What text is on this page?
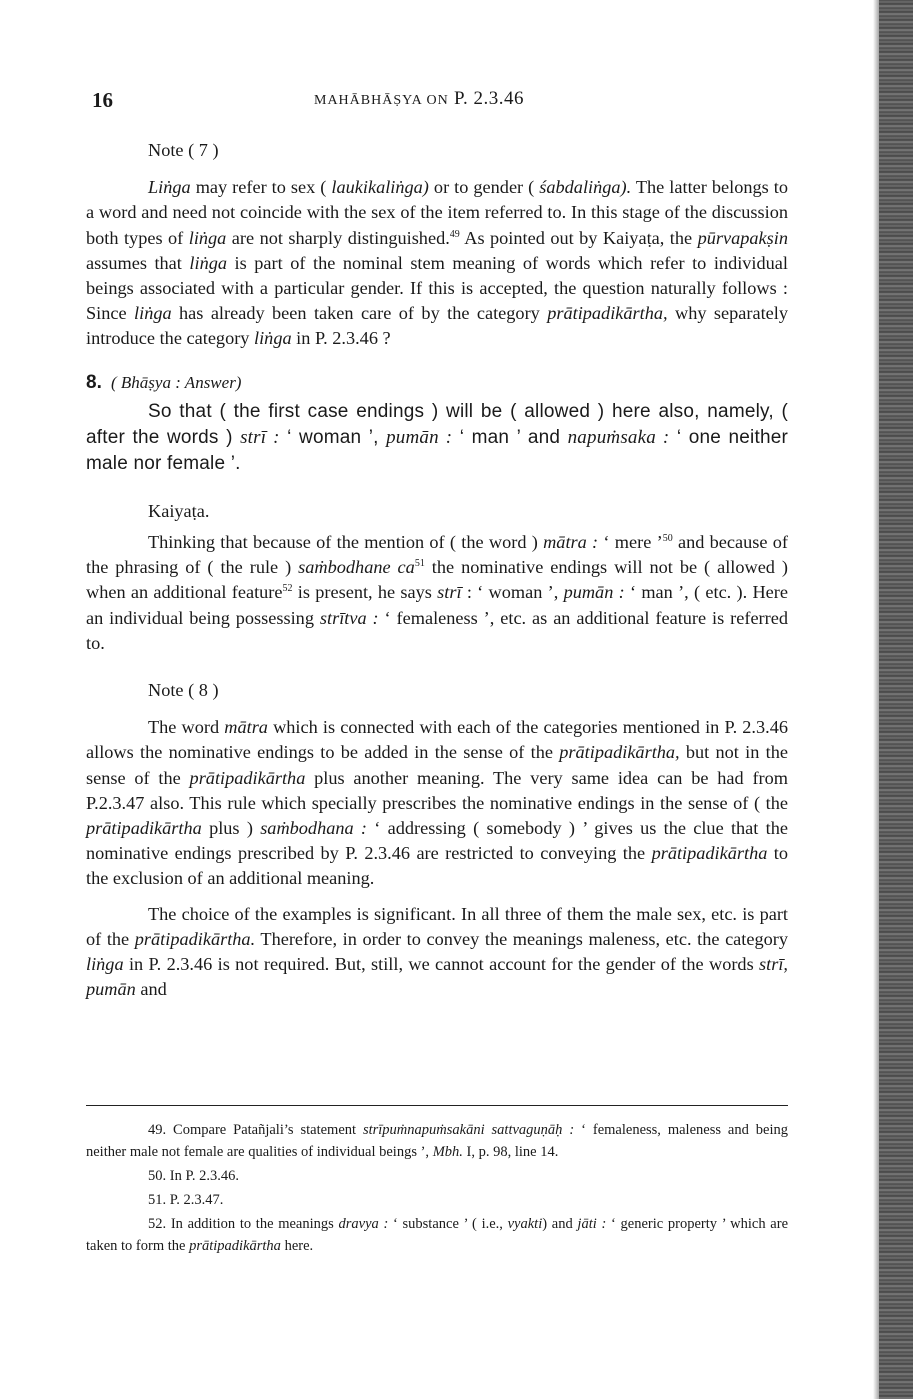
16	MAHĀBHĀṢYA ON P. 2.3.46

Note ( 7 )

Liṅga may refer to sex ( laukikaliṅga) or to gender ( śabdaliṅga). The latter belongs to a word and need not coincide with the sex of the item referred to. In this stage of the discussion both types of liṅga are not sharply distinguished.$^{49}$ As pointed out by Kaiyaṭa, the pūrvapakṣin assumes that liṅga is part of the nominal stem meaning of words which refer to individual beings associated with a particular gender. If this is accepted, the question naturally follows : Since liṅga has already been taken care of by the category prātipadikārtha, why separately introduce the category liṅga in P. 2.3.46 ?

8. ( Bhāṣya : Answer)

So that ( the first case endings ) will be ( allowed ) here also, namely, ( after the words ) strī : ‘ woman ’, pumān : ‘ man ’ and napuṁsaka : ‘ one neither male nor female ’.

Kaiyaṭa.

Thinking that because of the mention of ( the word ) mātra : ‘ mere ’$^{50}$ and because of the phrasing of ( the rule ) saṁbodhane $ca^{51}$ the nominative endings will not be ( allowed ) when an additional feature$^{52}$ is present, he says strī : ‘ woman ’, pumān : ‘ man ’, ( etc. ). Here an individual being possessing strītva : ‘ femaleness ’, etc. as an additional feature is referred to.

Note ( 8 )

The word mātra which is connected with each of the categories mentioned in P. 2.3.46 allows the nominative endings to be added in the sense of the prātipadikārtha, but not in the sense of the prātipadikārtha plus another meaning. The very same idea can be had from P.2.3.47 also. This rule which specially prescribes the nominative endings in the sense of ( the prātipadikārtha plus ) saṁbodhana : ‘ addressing ( somebody ) ’ gives us the clue that the nominative endings prescribed by P. 2.3.46 are restricted to conveying the prātipadikārtha to the exclusion of an additional meaning.

The choice of the examples is significant. In all three of them the male sex, etc. is part of the prātipadikārtha. Therefore, in order to convey the meanings maleness, etc. the category liṅga in P. 2.3.46 is not required. But, still, we cannot account for the gender of the words strī, pumān and

49. Compare Patañjali’s statement strīpuṁnapuṁsakāni sattvaguṇāḥ : ‘ femaleness, maleness and being neither male not female are qualities of individual beings ’, Mbh. I, p. 98, line 14.

50. In P. 2.3.46.

51. P. 2.3.47.

52. In addition to the meanings dravya : ‘ substance ’ ( i.e., vyakti) and jāti : ‘ generic property ’ which are taken to form the prātipadikārtha here.
